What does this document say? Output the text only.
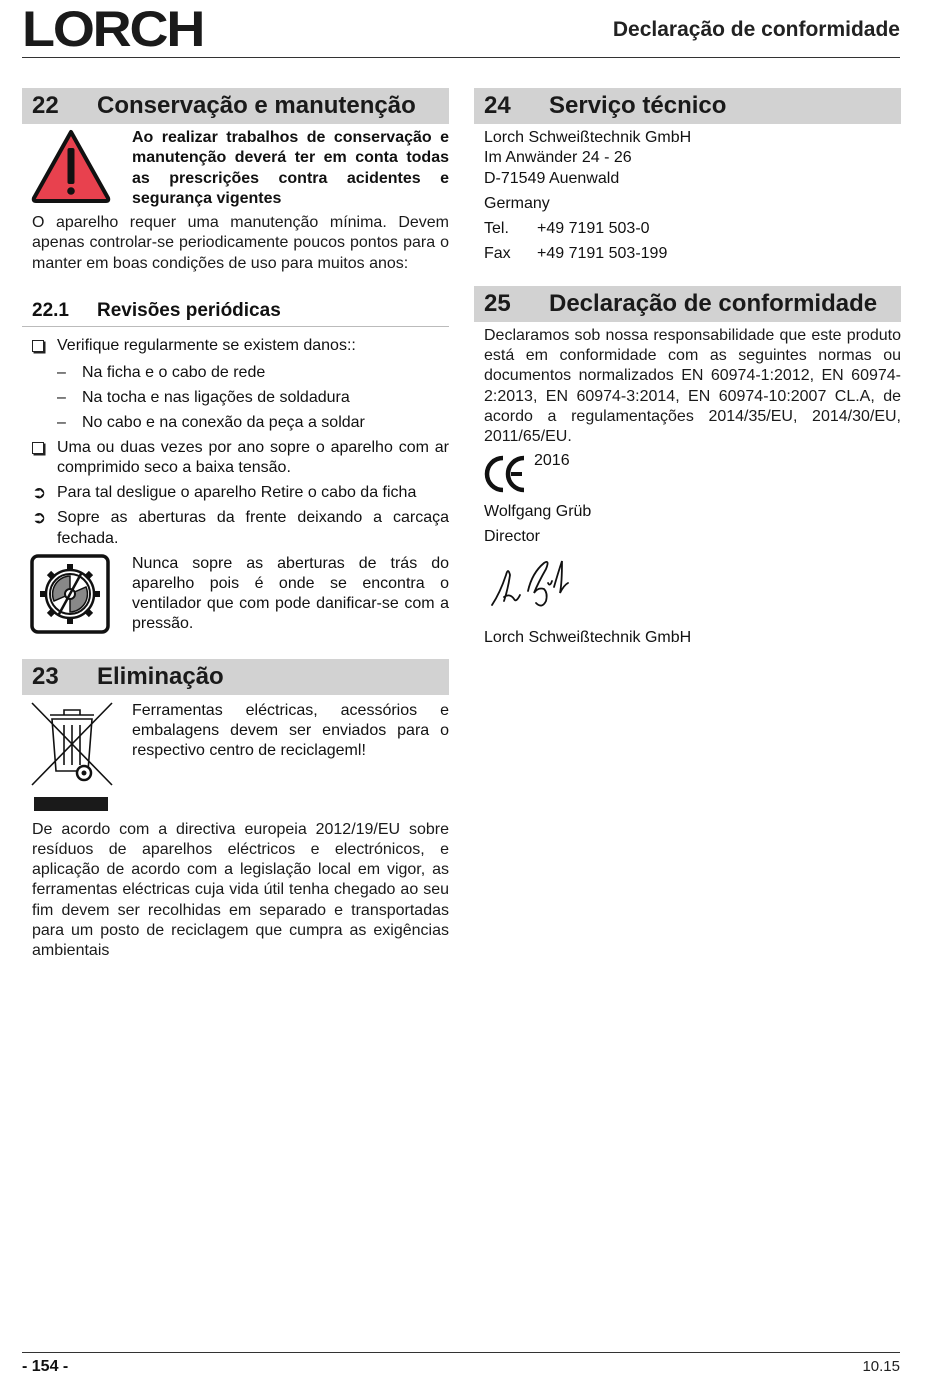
LORCH	Declaração de conformidade
22	Conservação e manutenção
Ao realizar trabalhos de conservação e manutenção deverá ter em conta todas as prescrições contra acidentes e segurança vigentes
O aparelho requer uma manutenção mínima. Devem apenas controlar-se periodicamente poucos pontos para o manter em boas condições de uso para muitos anos:
22.1	Revisões periódicas
Verifique regularmente se existem danos::
–	Na ficha e o cabo de rede
–	Na tocha e nas ligações de soldadura
–	No cabo e na conexão da peça a soldar
Uma ou duas vezes por ano sopre o aparelho com ar comprimido seco a baixa tensão.
➲ Para tal desligue o aparelho Retire o cabo da ficha
➲ Sopre as aberturas da frente deixando a carcaça fechada.
Nunca sopre as aberturas de trás do aparelho pois é onde se encontra o ventilador que com pode danificar-se com a pressão.
23	Eliminação
Ferramentas eléctricas, acessórios e embalagens devem ser enviados para o respectivo centro de reciclageml!
De acordo com a directiva europeia 2012/19/EU sobre resíduos de aparelhos eléctricos e electrónicos, e aplicação de acordo com a legislação local em vigor, as ferramentas eléctricas cuja vida útil tenha chegado ao seu fim devem ser recolhidas em separado e transportadas para um posto de reciclagem que cumpra as exigências ambientais
24	Serviço técnico
Lorch Schweißtechnik GmbH
Im Anwänder 24 - 26
D-71549 Auenwald
Germany
Tel.	+49 7191 503-0
Fax	+49 7191 503-199
25	Declaração de conformidade
Declaramos sob nossa responsabilidade que este produto está em conformidade com as seguintes normas ou documentos normalizados EN 60974-1:2012, EN 60974-2:2013, EN 60974-3:2014, EN 60974-10:2007 CL.A, de acordo a regulamentações 2014/35/EU, 2014/30/EU, 2011/65/EU.
2016
Wolfgang Grüb
Director
Lorch Schweißtechnik GmbH
- 154 -	10.15
